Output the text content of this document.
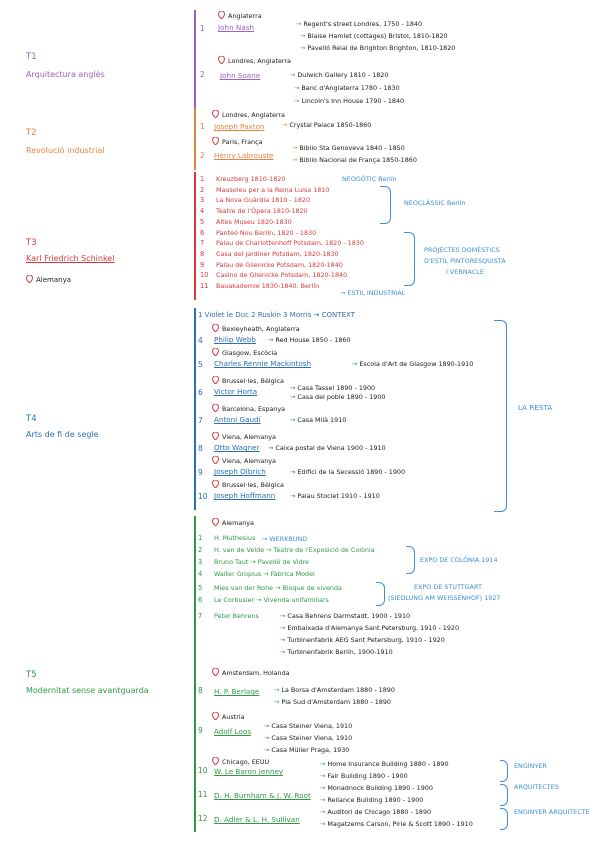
T1
Arquitectura anglès
Anglaterra
1 John Nash	→ Regent's street Londres, 1750 - 1840
→ Blaise Hamlet (cottages) Bristol, 1810-1820
→ Pavelló Reial de Brighton Brighton, 1810-1820
Londres, Anglaterra
2 John Soane	→ Dulwich Gallery 1810 - 1820
→ Banc d'Anglaterra 1780 - 1830
→ Lincoln's Inn House 1790 - 1840
T2
Revolució industrial
Londres, Anglaterra
1 Joseph Paxton	→ Crystal Palace 1850-1860
Paris, França
2 Henry Labrouste
→ Biblio Sta Genoveva 1840 - 1850
→ Biblio Nacional de França 1850-1860
T3
Karl Friedrich Schinkel
Alemanya
1 Kreuzberg 1810-1820
2 Mausoleu per a la Reina Luisa 1810
3 La Nova Guàrdia 1810 - 1820
4 Teatre de l'Òpera 1810-1820
5 Altes Museu 1820-1830
6 Panteó Nou Berlín, 1820 - 1830
7 Palau de Charlottenhoff Potsdam, 1820 - 1830
8 Casa del jardiner Potsdam, 1820-1830
9 Palau de Glienicke Potsdam, 1820-1840
10 Casino de Glienicke Potsdam, 1820-1840
11 Bauakademie 1830-1840, Berlín
NEOGÒTIC Berlín
NEOCLÀSSIC Berlín
PROJECTES DOMÈSTICS
D'ESTIL PINTORESQUISTA
I VERNACLE
→ ESTIL INDUSTRIAL
T4
Arts de fi de segle
1 Violet le Duc 2 Ruskin 3 Morris → CONTEXT
Bexleyheath, Anglaterra
4 Philip Webb → Red House 1850 - 1860
Glasgow, Escòcia
5 Charles Rennie Mackintosh	→ Escola d'Art de Glasgow 1890-1910
Brussel·les, Bèlgica
6 Victor Horta	→ Casa Tassel 1890 - 1900
→ Casa del poble 1890 - 1900
Barcelona, Espanya
7 Antoni Gaudí	→ Casa Milà 1910
Viena, Alemanya
8 Otto Wagner → Caixa postal de Viena 1900 - 1910
Viena, Alemanya
9 Joseph Olbrich	→ Edifici de la Secessió 1890 - 1900
Brussel·les, Bèlgica
10 Joseph Hoffmann → Palau Stoclet 1910 - 1910
LA RESTA
T5
Modernitat sense avantguarda
Alemanya
1 H. Muthesius
2 H. van de Velde → Teatre de l'Exposició de Colònia
3 Bruno Taut → Pavelló de Vidre
4 Walter Gropius → Fàbrica Model
5 Mies van der Rohe → Bloque de vivenda
6 Le Corbusier → Vivenda unifamiliars
7 Peter Behrens
→ WERKBUND
EXPO DE COLÒNIA 1914
EXPO DE STUTTGART
(SIEDLUNG AM WEISSENHOF) 1927
→ Casa Behrens Darmstadt, 1900 - 1910
→ Embaixada d'Alemanya Sant Petersburg, 1910 - 1920
→ Turbinenfabrik AEG Sant Petersburg, 1910 - 1920
→ Turbinenfabrik Berlín, 1900-1910
Amsterdam, Holanda
8 H. P. Berlage → La Borsa d'Amsterdam 1880 - 1890
→ Pla Sud d'Amsterdam 1880 - 1890
Austria
9 Adolf Loos
→ Casa Steiner Viena, 1910
→ Casa Steiner Viena, 1910
→ Casa Müller Praga, 1930
Chicago, EEUU
10 W. Le Baron Jenney
→ Home Insurance Building 1880 - 1890
→ Fair Building 1890 - 1900
ENGINYER
11 D. H. Burnham & J. W. Root
→ Monadnock Building 1890 - 1900
→ Reliance Building 1890 - 1900
ARQUITECTES
12 D. Adler & L. H. Sullivan
→ Auditori de Chicago 1880 - 1890
→ Magatzems Carson, Pirie & Scott 1890 - 1910
ENGINYER ARQUITECTE
